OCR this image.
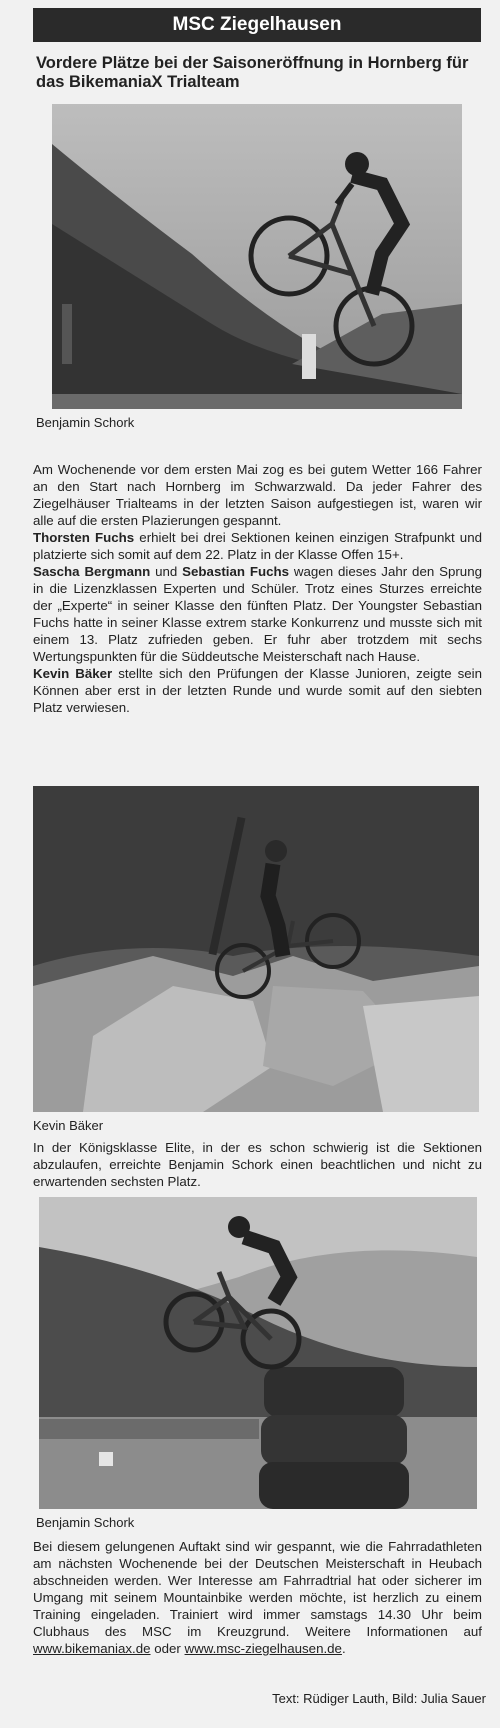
MSC Ziegelhausen
Vordere Plätze bei der Saisoneröffnung in Hornberg für das BikemaniaX Trialteam
Benjamin Schork
Am Wochenende vor dem ersten Mai zog es bei gutem Wetter 166 Fahrer an den Start nach Hornberg im Schwarzwald. Da jeder Fahrer des Ziegelhäuser Trialteams in der letzten Saison aufgestiegen ist, waren wir alle auf die ersten Plazierungen gespannt.
Thorsten Fuchs erhielt bei drei Sektionen keinen einzigen Strafpunkt und platzierte sich somit auf dem 22. Platz in der Klasse Offen 15+.
Sascha Bergmann und Sebastian Fuchs wagen dieses Jahr den Sprung in die Lizenzklassen Experten und Schüler. Trotz eines Sturzes erreichte der „Experte“ in seiner Klasse den fünften Platz. Der Youngster Sebastian Fuchs hatte in seiner Klasse extrem starke Konkurrenz und musste sich mit einem 13. Platz zufrieden geben. Er fuhr aber trotzdem mit sechs Wertungspunkten für die Süddeutsche Meisterschaft nach Hause.
Kevin Bäker stellte sich den Prüfungen der Klasse Junioren, zeigte sein Können aber erst in der letzten Runde und wurde somit auf den siebten Platz verwiesen.
Kevin Bäker
In der Königsklasse Elite, in der es schon schwierig ist die Sektionen abzulaufen, erreichte Benjamin Schork einen beachtlichen und nicht zu erwartenden sechsten Platz.
Benjamin Schork
Bei diesem gelungenen Auftakt sind wir gespannt, wie die Fahrradathleten am nächsten Wochenende bei der Deutschen Meisterschaft in Heubach abschneiden werden. Wer Interesse am Fahrradtrial hat oder sicherer im Umgang mit seinem Mountainbike werden möchte, ist herzlich zu einem Training eingeladen. Trainiert wird immer samstags 14.30 Uhr beim Clubhaus des MSC im Kreuzgrund. Weitere Informationen auf www.bikemaniax.de oder www.msc-ziegelhausen.de.
Text: Rüdiger Lauth, Bild: Julia Sauer
